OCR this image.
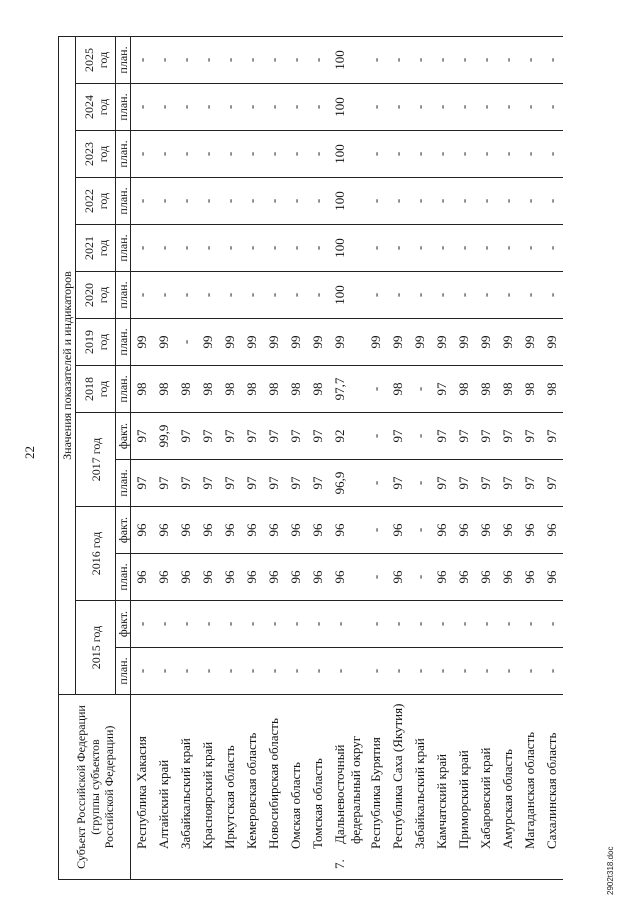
22
Субъект Российской Федерации (группы субъектов Российской Федерации)	Значения показателей и индикаторов													
	2015 год		2016 год		2017 год		2018 год	2019 год	2020 год	2021 год	2022 год	2023 год	2024 год	2025 год

	план.	факт.	план.	факт.	план.	факт.	план.	план.	план.	план.	план.	план.	план.	план.
Республика Хакасия	-	-	96	96	97	97	98	99	-	-	-	-	-	-
Алтайский край	-	-	96	96	97	99,9	98	99	-	-	-	-	-	-
Забайкальский край	-	-	96	96	97	97	98	-	-	-	-	-	-	-
Красноярский край	-	-	96	96	97	97	98	99	-	-	-	-	-	-
Иркутская область	-	-	96	96	97	97	98	99	-	-	-	-	-	-
Кемеровская область	-	-	96	96	97	97	98	99	-	-	-	-	-	-
Новосибирская область	-	-	96	96	97	97	98	99	-	-	-	-	-	-
Омская область	-	-	96	96	97	97	98	99	-	-	-	-	-	-
Томская область	-	-	96	96	97	97	98	99	-	-	-	-	-	-
7.Дальневосточный федеральный округ	-	-	96	96	96,9	92	97,7	99	100	100	100	100	100	100
Республика Бурятия	-	-	-	-	-	-	-	99	-	-	-	-	-	-
Республика Саха (Якутия)	-	-	96	96	97	97	98	99	-	-	-	-	-	-
Забайкальский край	-	-	-	-	-	-	-	99	-	-	-	-	-	-
Камчатский край	-	-	96	96	97	97	97	99	-	-	-	-	-	-
Приморский край	-	-	96	96	97	97	98	99	-	-	-	-	-	-
Хабаровский край	-	-	96	96	97	97	98	99	-	-	-	-	-	-
Амурская область	-	-	96	96	97	97	98	99	-	-	-	-	-	-
Магаданская область	-	-	96	96	97	97	98	99	-	-	-	-	-	-
Сахалинская область	-	-	96	96	97	97	98	99	-	-	-	-	-	-
2902t318.doc
